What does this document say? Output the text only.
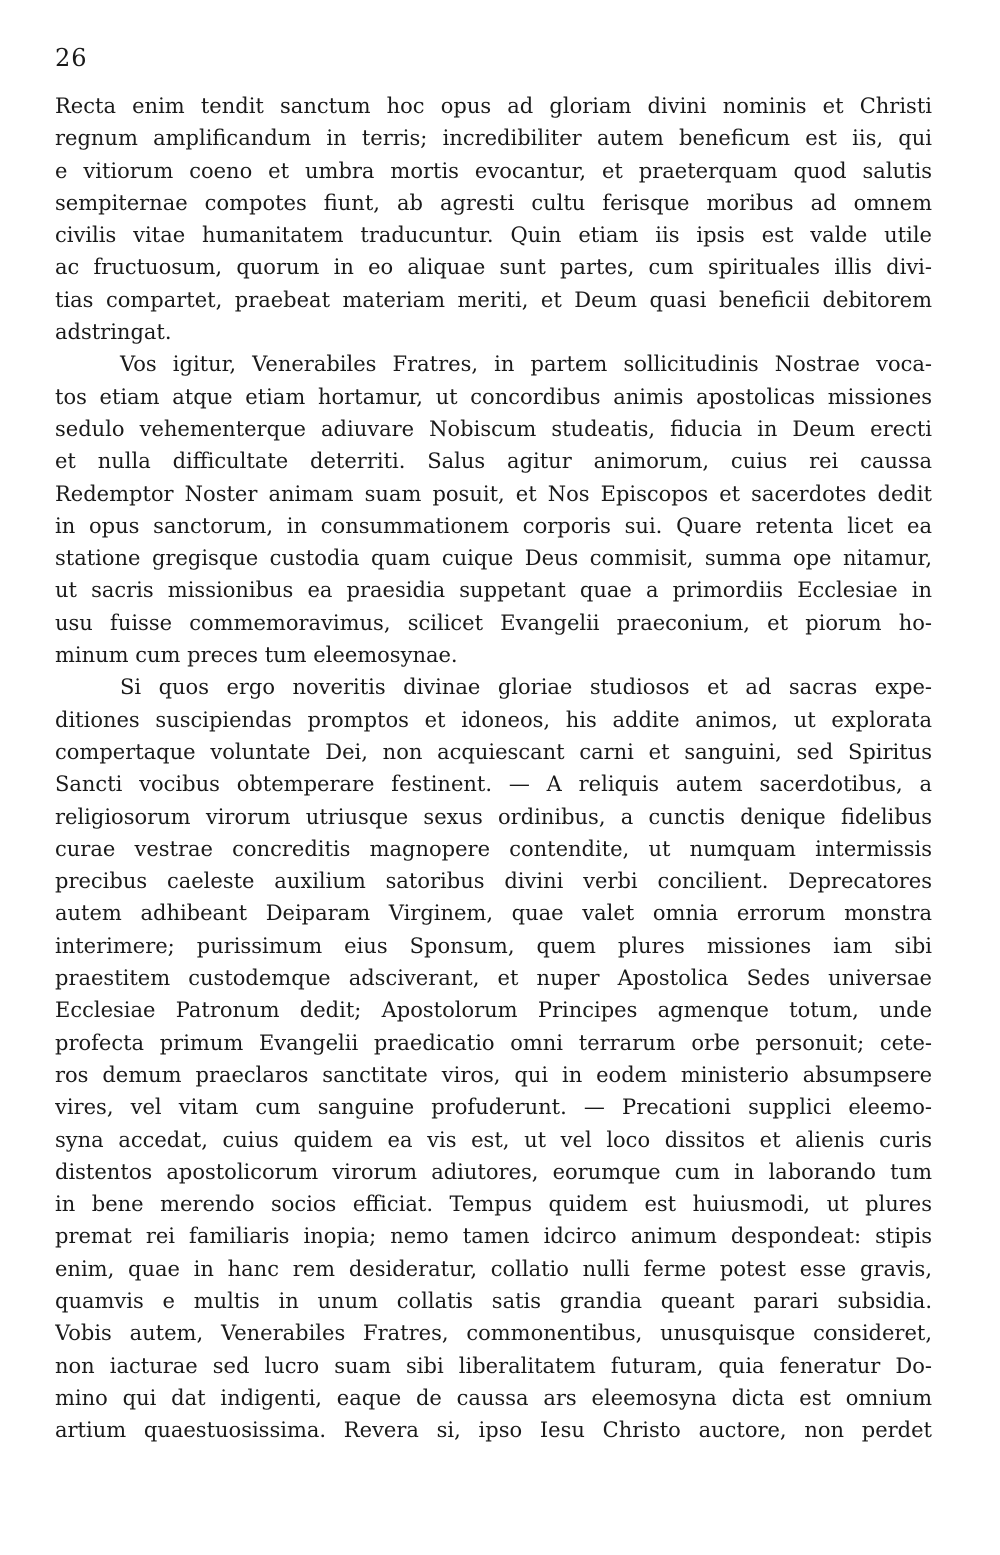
26
Recta enim tendit sanctum hoc opus ad gloriam divini nominis et Christi
regnum amplificandum in terris; incredibiliter autem beneficum est iis, qui
e vitiorum coeno et umbra mortis evocantur, et praeterquam quod salutis
sempiternae compotes fiunt, ab agresti cultu ferisque moribus ad omnem
civilis vitae humanitatem traducuntur. Quin etiam iis ipsis est valde utile
ac fructuosum, quorum in eo aliquae sunt partes, cum spirituales illis divi-
tias compartet, praebeat materiam meriti, et Deum quasi beneficii debitorem
adstringat.
Vos igitur, Venerabiles Fratres, in partem sollicitudinis Nostrae voca-
tos etiam atque etiam hortamur, ut concordibus animis apostolicas missiones
sedulo vehementerque adiuvare Nobiscum studeatis, fiducia in Deum erecti
et nulla difficultate deterriti. Salus agitur animorum, cuius rei caussa
Redemptor Noster animam suam posuit, et Nos Episcopos et sacerdotes dedit
in opus sanctorum, in consummationem corporis sui. Quare retenta licet ea
statione gregisque custodia quam cuique Deus commisit, summa ope nitamur,
ut sacris missionibus ea praesidia suppetant quae a primordiis Ecclesiae in
usu fuisse commemoravimus, scilicet Evangelii praeconium, et piorum ho-
minum cum preces tum eleemosynae.
Si quos ergo noveritis divinae gloriae studiosos et ad sacras expe-
ditiones suscipiendas promptos et idoneos, his addite animos, ut explorata
compertaque voluntate Dei, non acquiescant carni et sanguini, sed Spiritus
Sancti vocibus obtemperare festinent. — A reliquis autem sacerdotibus, a
religiosorum virorum utriusque sexus ordinibus, a cunctis denique fidelibus
curae vestrae concreditis magnopere contendite, ut numquam intermissis
precibus caeleste auxilium satoribus divini verbi concilient. Deprecatores
autem adhibeant Deiparam Virginem, quae valet omnia errorum monstra
interimere; purissimum eius Sponsum, quem plures missiones iam sibi
praestitem custodemque adsciverant, et nuper Apostolica Sedes universae
Ecclesiae Patronum dedit; Apostolorum Principes agmenque totum, unde
profecta primum Evangelii praedicatio omni terrarum orbe personuit; cete-
ros demum praeclaros sanctitate viros, qui in eodem ministerio absumpsere
vires, vel vitam cum sanguine profuderunt. — Precationi supplici eleemo-
syna accedat, cuius quidem ea vis est, ut vel loco dissitos et alienis curis
distentos apostolicorum virorum adiutores, eorumque cum in laborando tum
in bene merendo socios efficiat. Tempus quidem est huiusmodi, ut plures
premat rei familiaris inopia; nemo tamen idcirco animum despondeat: stipis
enim, quae in hanc rem desideratur, collatio nulli ferme potest esse gravis,
quamvis e multis in unum collatis satis grandia queant parari subsidia.
Vobis autem, Venerabiles Fratres, commonentibus, unusquisque consideret,
non iacturae sed lucro suam sibi liberalitatem futuram, quia feneratur Do-
mino qui dat indigenti, eaque de caussa ars eleemosyna dicta est omnium
artium quaestuosissima. Revera si, ipso Iesu Christo auctore, non perdet
